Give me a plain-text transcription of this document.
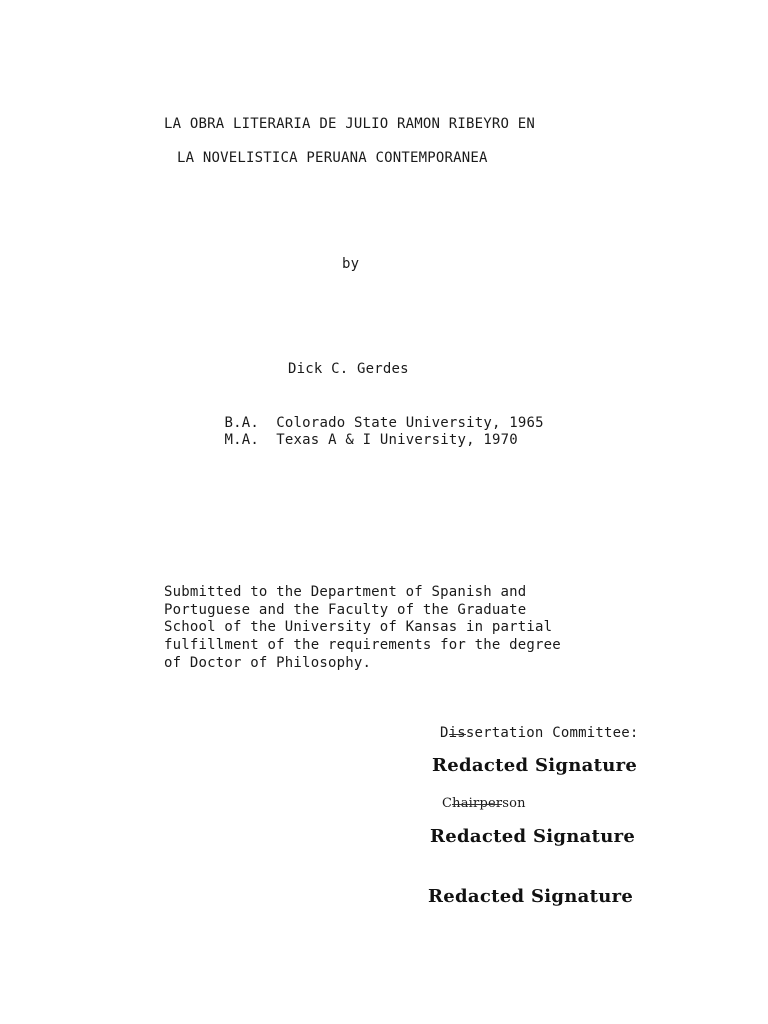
LA OBRA LITERARIA DE JULIO RAMON RIBEYRO EN
LA NOVELISTICA PERUANA CONTEMPORANEA
by
Dick C. Gerdes

B.A. Colorado State University, 1965

M.A. Texas A & I University, 1970

Submitted to the Department of Spanish and
Portuguese and the Faculty of the Graduate
School of the University of Kansas in partial
fulfillment of the requirements for the degree
of Doctor of Philosophy.
Dissertation Committee:
Redacted Signature
Chairperson
Redacted Signature
Redacted Signature
